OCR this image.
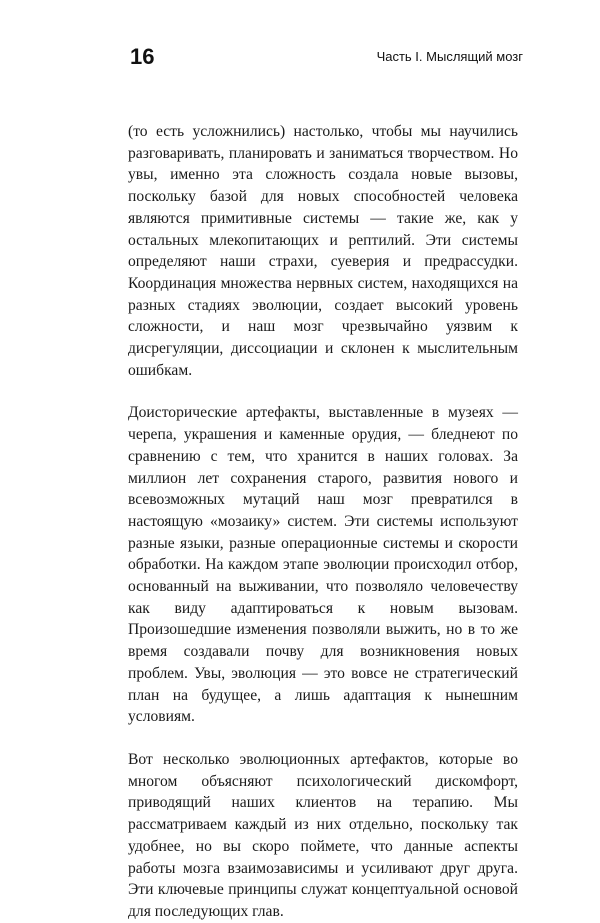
16	Часть I. Мыслящий мозг

(то есть усложнились) настолько, чтобы мы научились разговаривать, планировать и заниматься творчеством. Но увы, именно эта сложность создала новые вызовы, поскольку базой для новых способностей человека являются примитивные системы — такие же, как у остальных млекопитающих и рептилий. Эти системы определяют наши страхи, суеверия и предрассудки. Координация множества нервных систем, находящихся на разных стадиях эволюции, создает высокий уровень сложности, и наш мозг чрезвычайно уязвим к дисрегуляции, диссоциации и склонен к мыслительным ошибкам.

Доисторические артефакты, выставленные в музеях — черепа, украшения и каменные орудия, — бледнеют по сравнению с тем, что хранится в наших головах. За миллион лет сохранения старого, развития нового и всевозможных мутаций наш мозг превратился в настоящую «мозаику» систем. Эти системы используют разные языки, разные операционные системы и скорости обработки. На каждом этапе эволюции происходил отбор, основанный на выживании, что позволяло человечеству как виду адаптироваться к новым вызовам. Произошедшие изменения позволяли выжить, но в то же время создавали почву для возникновения новых проблем. Увы, эволюция — это вовсе не стратегический план на будущее, а лишь адаптация к нынешним условиям.

Вот несколько эволюционных артефактов, которые во многом объясняют психологический дискомфорт, приводящий наших клиентов на терапию. Мы рассматриваем каждый из них отдельно, поскольку так удобнее, но вы скоро поймете, что данные аспекты работы мозга взаимозависимы и усиливают друг друга. Эти ключевые принципы служат концептуальной основой для последующих глав.
